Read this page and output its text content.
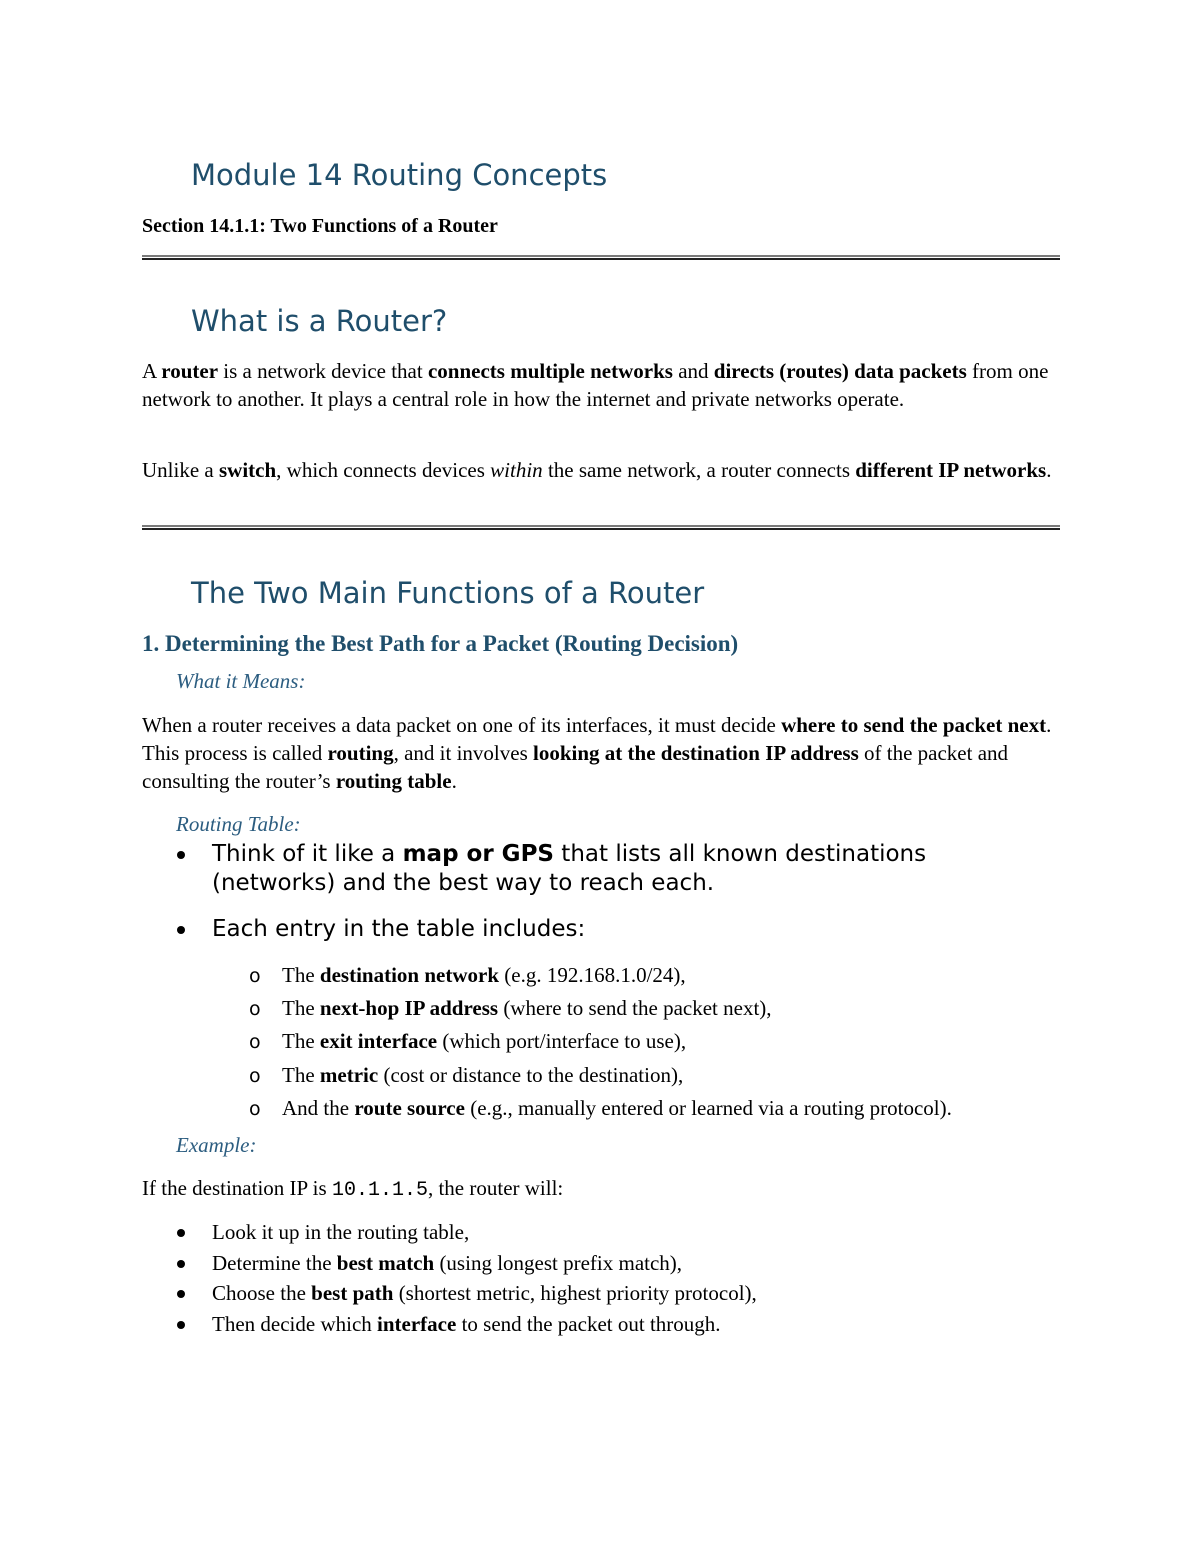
Module 14 Routing Concepts
Section 14.1.1: Two Functions of a Router
What is a Router?

A router is a network device that connects multiple networks and directs (routes) data packets from one network to another. It plays a central role in how the internet and private networks operate.

Unlike a switch, which connects devices within the same network, a router connects different IP networks.

The Two Main Functions of a Router
1. Determining the Best Path for a Packet (Routing Decision)
What it Means:

When a router receives a data packet on one of its interfaces, it must decide where to send the packet next. This process is called routing, and it involves looking at the destination IP address of the packet and consulting the router’s routing table.

Routing Table:
Think of it like a map or GPS that lists all known destinations (networks) and the best way to reach each.
Each entry in the table includes:
o The destination network (e.g. 192.168.1.0/24),
o The next-hop IP address (where to send the packet next),
o The exit interface (which port/interface to use),
o The metric (cost or distance to the destination),
o And the route source (e.g., manually entered or learned via a routing protocol).
Example:
If the destination IP is 10.1.1.5, the router will:
Look it up in the routing table,
Determine the best match (using longest prefix match),
Choose the best path (shortest metric, highest priority protocol),
Then decide which interface to send the packet out through.
